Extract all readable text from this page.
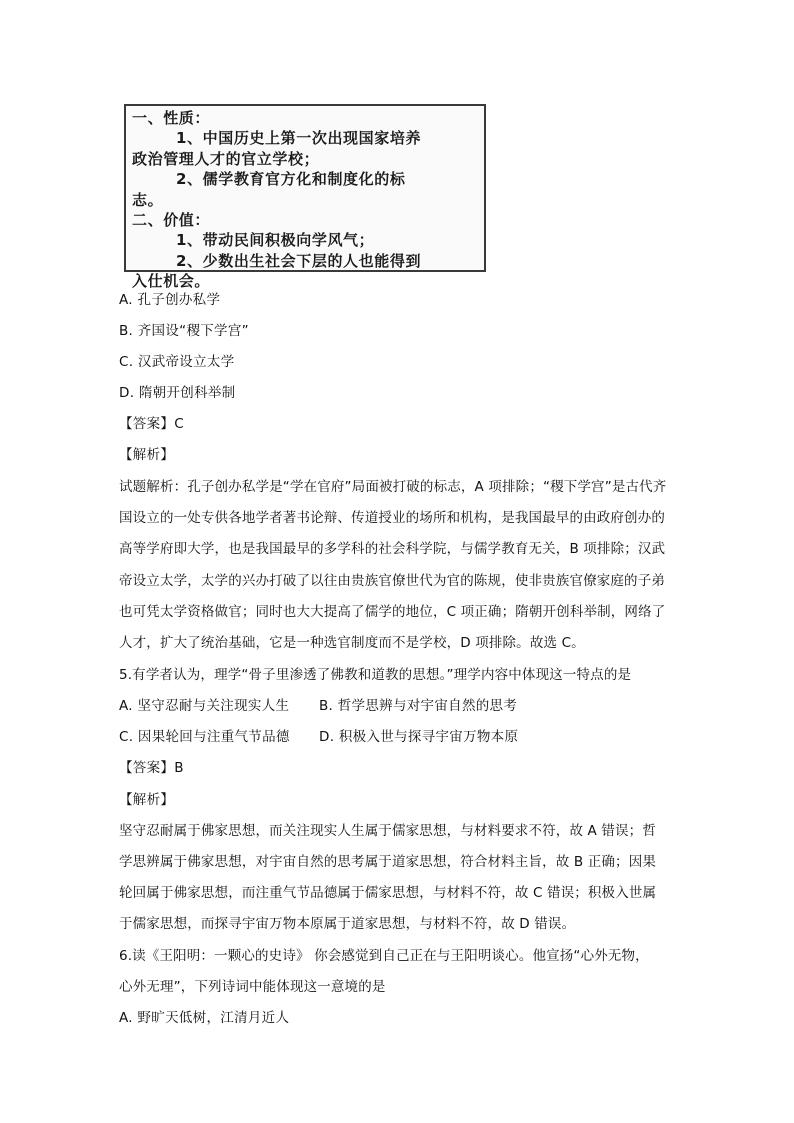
一、性质：
1、中国历史上第一次出现国家培养
政治管理人才的官立学校；
2、儒学教育官方化和制度化的标
志。
二、价值：
1、带动民间积极向学风气；
2、少数出生社会下层的人也能得到
入仕机会。
A. 孔子创办私学
B. 齐国设“稷下学宫”
C. 汉武帝设立太学
D. 隋朝开创科举制
【答案】C
【解析】
试题解析：孔子创办私学是“学在官府”局面被打破的标志，A 项排除；“稷下学宫”是古代齐
国设立的一处专供各地学者著书论辩、传道授业的场所和机构，是我国最早的由政府创办的
高等学府即大学，也是我国最早的多学科的社会科学院，与儒学教育无关，B 项排除；汉武
帝设立太学，太学的兴办打破了以往由贵族官僚世代为官的陈规，使非贵族官僚家庭的子弟
也可凭太学资格做官；同时也大大提高了儒学的地位，C 项正确；隋朝开创科举制，网络了
人才，扩大了统治基础，它是一种选官制度而不是学校，D 项排除。故选 C。
5.有学者认为，理学“骨子里渗透了佛教和道教的思想。”理学内容中体现这一特点的是
A. 坚守忍耐与关注现实人生 B. 哲学思辨与对宇宙自然的思考
C. 因果轮回与注重气节品德 D. 积极入世与探寻宇宙万物本原
【答案】B
【解析】
坚守忍耐属于佛家思想，而关注现实人生属于儒家思想，与材料要求不符，故 A 错误；哲
学思辨属于佛家思想，对宇宙自然的思考属于道家思想，符合材料主旨，故 B 正确；因果
轮回属于佛家思想，而注重气节品德属于儒家思想，与材料不符，故 C 错误；积极入世属
于儒家思想，而探寻宇宙万物本原属于道家思想，与材料不符，故 D 错误。
6.读《王阳明：一颗心的史诗》 你会感觉到自己正在与王阳明谈心。他宣扬“心外无物，
心外无理”，下列诗词中能体现这一意境的是
A. 野旷天低树，江清月近人
